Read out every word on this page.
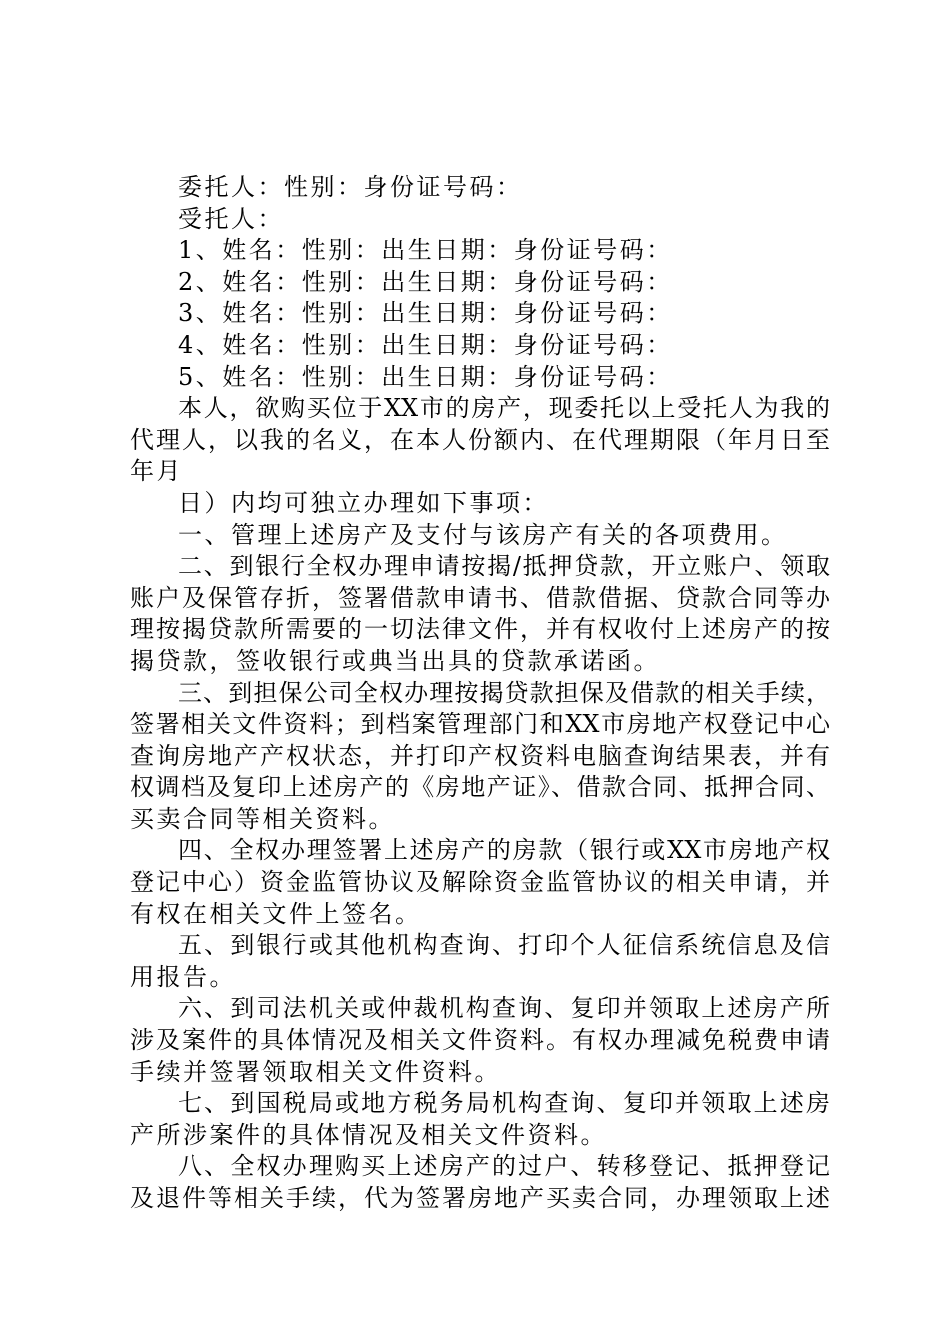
委托人：性别：身份证号码：

受托人：

1、姓名：性别：出生日期：身份证号码：

2、姓名：性别：出生日期：身份证号码：

3、姓名：性别：出生日期：身份证号码：

4、姓名：性别：出生日期：身份证号码：

5、姓名：性别：出生日期：身份证号码：

本人，欲购买位于XX市的房产，现委托以上受托人为我的

代理人，以我的名义，在本人份额内、在代理期限（年月日至

年月

日）内均可独立办理如下事项：

一、管理上述房产及支付与该房产有关的各项费用。

二、到银行全权办理申请按揭/抵押贷款，开立账户、领取

账户及保管存折，签署借款申请书、借款借据、贷款合同等办

理按揭贷款所需要的一切法律文件，并有权收付上述房产的按

揭贷款，签收银行或典当出具的贷款承诺函。

三、到担保公司全权办理按揭贷款担保及借款的相关手续，

签署相关文件资料；到档案管理部门和XX市房地产权登记中心

查询房地产产权状态，并打印产权资料电脑查询结果表，并有

权调档及复印上述房产的《房地产证》、借款合同、抵押合同、

买卖合同等相关资料。

四、全权办理签署上述房产的房款（银行或XX市房地产权

登记中心）资金监管协议及解除资金监管协议的相关申请，并

有权在相关文件上签名。

五、到银行或其他机构查询、打印个人征信系统信息及信

用报告。

六、到司法机关或仲裁机构查询、复印并领取上述房产所

涉及案件的具体情况及相关文件资料。有权办理减免税费申请

手续并签署领取相关文件资料。

七、到国税局或地方税务局机构查询、复印并领取上述房

产所涉案件的具体情况及相关文件资料。

八、全权办理购买上述房产的过户、转移登记、抵押登记

及退件等相关手续，代为签署房地产买卖合同，办理领取上述
